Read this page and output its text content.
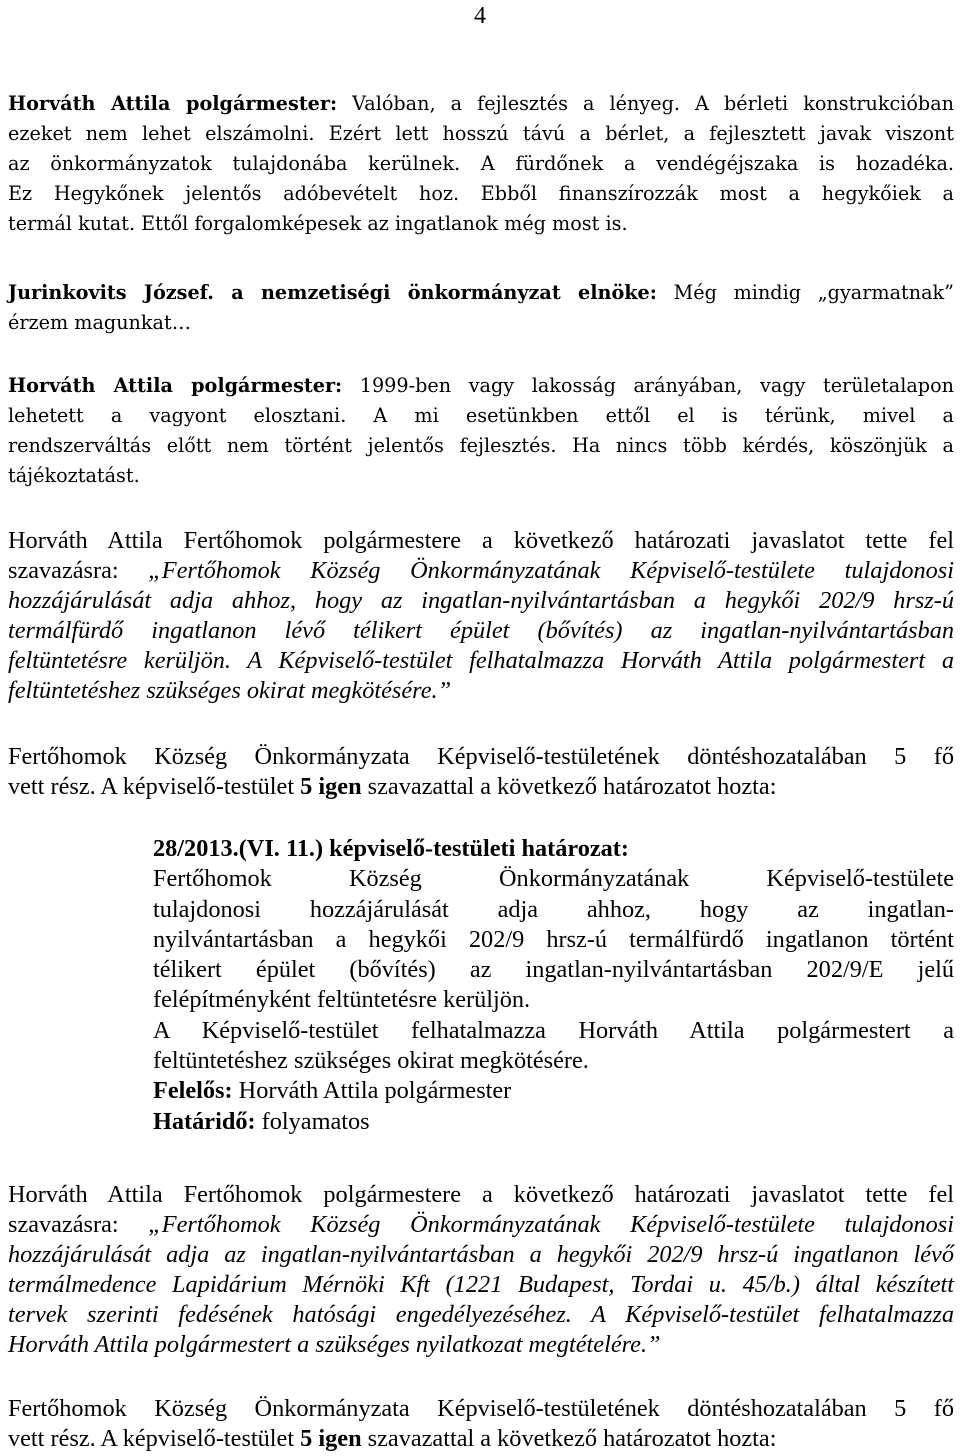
4

Horváth Attila polgármester: Valóban, a fejlesztés a lényeg. A bérleti konstrukcióban

ezeket nem lehet elszámolni. Ezért lett hosszú távú a bérlet, a fejlesztett javak viszont

az önkormányzatok tulajdonába kerülnek. A fürdőnek a vendégéjszaka is hozadéka.

Ez Hegykőnek jelentős adóbevételt hoz. Ebből finanszírozzák most a hegykőiek a

termál kutat. Ettől forgalomképesek az ingatlanok még most is.

Jurinkovits József. a nemzetiségi önkormányzat elnöke: Még mindig „gyarmatnak”

érzem magunkat…

Horváth Attila polgármester: 1999-ben vagy lakosság arányában, vagy területalapon

lehetett a vagyont elosztani. A mi esetünkben ettől el is térünk, mivel a

rendszerváltás előtt nem történt jelentős fejlesztés. Ha nincs több kérdés, köszönjük a

tájékoztatást.

Horváth Attila Fertőhomok polgármestere a következő határozati javaslatot tette fel

szavazásra: „Fertőhomok Község Önkormányzatának Képviselő-testülete tulajdonosi

hozzájárulását adja ahhoz, hogy az ingatlan-nyilvántartásban a hegykői 202/9 hrsz-ú

termálfürdő ingatlanon lévő télikert épület (bővítés) az ingatlan-nyilvántartásban

feltüntetésre kerüljön. A Képviselő-testület felhatalmazza Horváth Attila polgármestert a

feltüntetéshez szükséges okirat megkötésére.”

Fertőhomok Község Önkormányzata Képviselő-testületének döntéshozatalában 5 fő

vett rész. A képviselő-testület 5 igen szavazattal a következő határozatot hozta:

28/2013.(VI. 11.) képviselő-testületi határozat:

Fertőhomok Község Önkormányzatának Képviselő-testülete

tulajdonosi hozzájárulását adja ahhoz, hogy az ingatlan-

nyilvántartásban a hegykői 202/9 hrsz-ú termálfürdő ingatlanon történt

télikert épület (bővítés) az ingatlan-nyilvántartásban 202/9/E jelű

felépítményként feltüntetésre kerüljön.

A Képviselő-testület felhatalmazza Horváth Attila polgármestert a

feltüntetéshez szükséges okirat megkötésére.

Felelős: Horváth Attila polgármester

Határidő: folyamatos

Horváth Attila Fertőhomok polgármestere a következő határozati javaslatot tette fel

szavazásra: „Fertőhomok Község Önkormányzatának Képviselő-testülete tulajdonosi

hozzájárulását adja az ingatlan-nyilvántartásban a hegykői 202/9 hrsz-ú ingatlanon lévő

termálmedence Lapidárium Mérnöki Kft (1221 Budapest, Tordai u. 45/b.) által készített

tervek szerinti fedésének hatósági engedélyezéséhez. A Képviselő-testület felhatalmazza

Horváth Attila polgármestert a szükséges nyilatkozat megtételére.”

Fertőhomok Község Önkormányzata Képviselő-testületének döntéshozatalában 5 fő

vett rész. A képviselő-testület 5 igen szavazattal a következő határozatot hozta:
